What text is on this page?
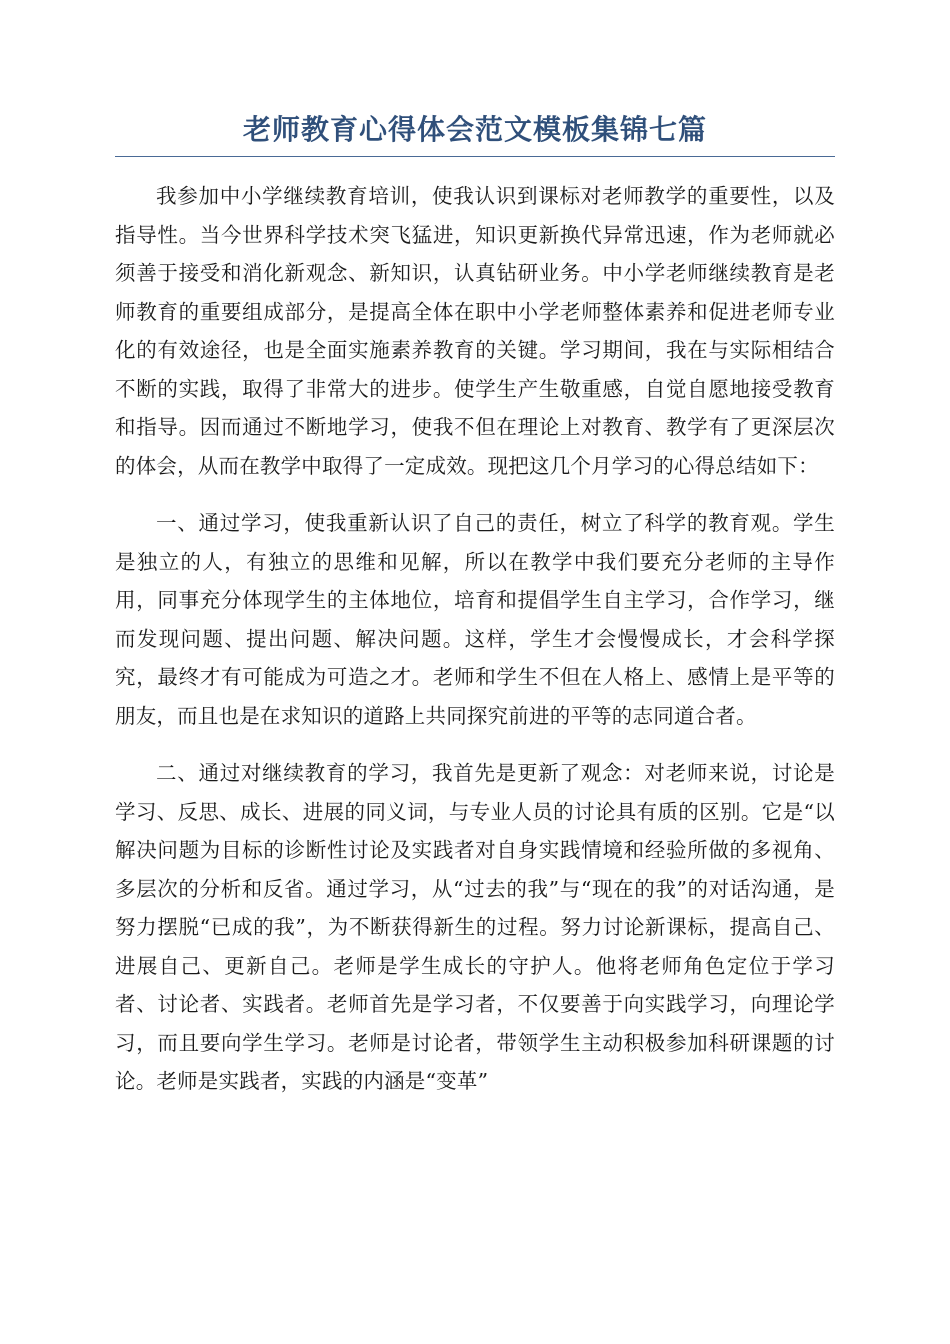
老师教育心得体会范文模板集锦七篇

我参加中小学继续教育培训，使我认识到课标对老师教学的重要性，以及指导性。当今世界科学技术突飞猛进，知识更新换代异常迅速，作为老师就必须善于接受和消化新观念、新知识，认真钻研业务。中小学老师继续教育是老师教育的重要组成部分，是提高全体在职中小学老师整体素养和促进老师专业化的有效途径，也是全面实施素养教育的关键。学习期间，我在与实际相结合不断的实践，取得了非常大的进步。使学生产生敬重感，自觉自愿地接受教育和指导。因而通过不断地学习，使我不但在理论上对教育、教学有了更深层次的体会，从而在教学中取得了一定成效。现把这几个月学习的心得总结如下：

一、通过学习，使我重新认识了自己的责任，树立了科学的教育观。学生是独立的人，有独立的思维和见解，所以在教学中我们要充分老师的主导作用，同事充分体现学生的主体地位，培育和提倡学生自主学习，合作学习，继而发现问题、提出问题、解决问题。这样，学生才会慢慢成长，才会科学探究，最终才有可能成为可造之才。老师和学生不但在人格上、感情上是平等的朋友，而且也是在求知识的道路上共同探究前进的平等的志同道合者。

二、通过对继续教育的学习，我首先是更新了观念：对老师来说，讨论是学习、反思、成长、进展的同义词，与专业人员的讨论具有质的区别。它是“以解决问题为目标的诊断性讨论及实践者对自身实践情境和经验所做的多视角、多层次的分析和反省。通过学习，从“过去的我”与“现在的我”的对话沟通，是努力摆脱“已成的我”，为不断获得新生的过程。努力讨论新课标，提高自己、进展自己、更新自己。老师是学生成长的守护人。他将老师角色定位于学习者、讨论者、实践者。老师首先是学习者，不仅要善于向实践学习，向理论学习，而且要向学生学习。老师是讨论者，带领学生主动积极参加科研课题的讨论。老师是实践者，实践的内涵是“变革”
